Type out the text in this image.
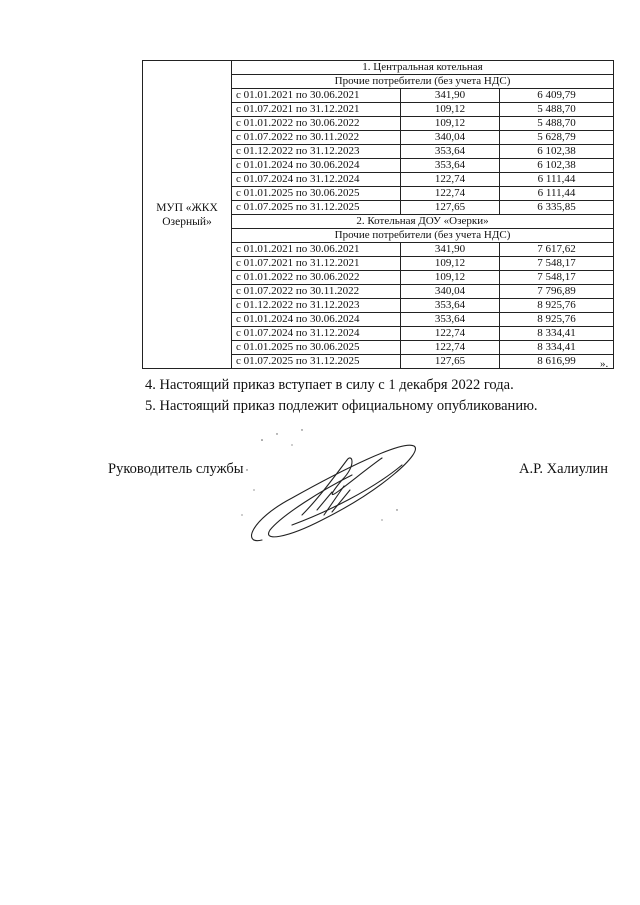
МУП «ЖКХ Озерный»	1. Центральная котельная		
	Прочие потребители (без учета НДС)		
	с 01.01.2021 по 30.06.2021	341,90	6 409,79
	с 01.07.2021 по 31.12.2021	109,12	5 488,70
	с 01.01.2022 по 30.06.2022	109,12	5 488,70
	с 01.07.2022 по 30.11.2022	340,04	5 628,79
	с 01.12.2022 по 31.12.2023	353,64	6 102,38
	с 01.01.2024 по 30.06.2024	353,64	6 102,38
	с 01.07.2024 по 31.12.2024	122,74	6 111,44
	с 01.01.2025 по 30.06.2025	122,74	6 111,44
	с 01.07.2025 по 31.12.2025	127,65	6 335,85
	2. Котельная ДОУ «Озерки»		
	Прочие потребители (без учета НДС)		
	с 01.01.2021 по 30.06.2021	341,90	7 617,62
	с 01.07.2021 по 31.12.2021	109,12	7 548,17
	с 01.01.2022 по 30.06.2022	109,12	7 548,17
	с 01.07.2022 по 30.11.2022	340,04	7 796,89
	с 01.12.2022 по 31.12.2023	353,64	8 925,76
	с 01.01.2024 по 30.06.2024	353,64	8 925,76
	с 01.07.2024 по 31.12.2024	122,74	8 334,41
	с 01.01.2025 по 30.06.2025	122,74	8 334,41
	с 01.07.2025 по 31.12.2025	127,65	8 616,99 ».
4. Настоящий приказ вступает в силу с 1 декабря 2022 года.
5. Настоящий приказ подлежит официальному опубликованию.
Руководитель службы	А.Р. Халиулин
